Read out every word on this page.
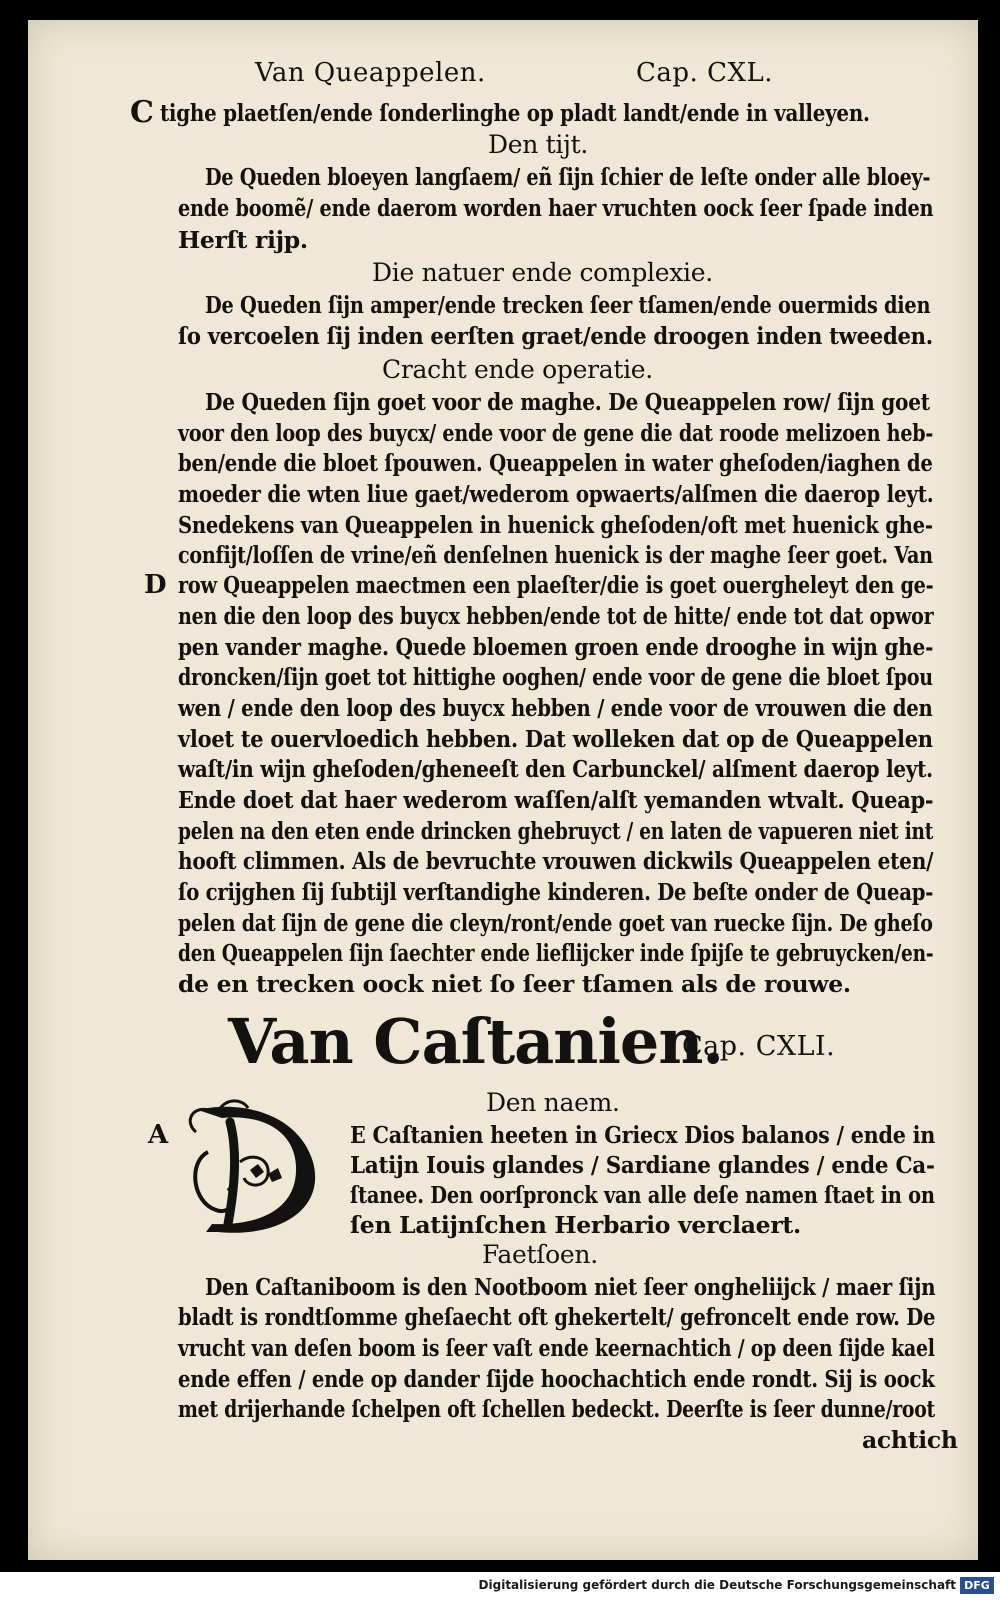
Van Queappelen.	Cap. CXL.
C tighe plaetſen/ende ſonderlinghe op pladt landt/ende in valleyen.
De Queden bloeyen langſaem/ eñ ſijn ſchier de leſte onder alle bloey-
ende boomẽ/ ende daerom worden haer vruchten oock ſeer ſpade inden
Herſt rijp.
De Queden ſijn amper/ende trecken ſeer tſamen/ende ouermids dien
ſo vercoelen ſij inden eerſten graet/ende droogen inden tweeden.
De Queden ſijn goet voor de maghe. De Queappelen row/ ſijn goet
voor den loop des buycx/ ende voor de gene die dat roode melizoen heb-
ben/ende die bloet ſpouwen. Queappelen in water gheſoden/iaghen de
moeder die wten liue gaet/wederom opwaerts/alſmen die daerop leyt.
Snedekens van Queappelen in huenick gheſoden/oft met huenick ghe-
confijt/loſſen de vrine/eñ denſelnen huenick is der maghe ſeer goet. Van
row Queappelen maectmen een plaeſter/die is goet ouergheleyt den ge-
nen die den loop des buycx hebben/ende tot de hitte/ ende tot dat opwor
pen vander maghe. Quede bloemen groen ende drooghe in wijn ghe-
droncken/ſijn goet tot hittighe ooghen/ ende voor de gene die bloet ſpou
wen / ende den loop des buycx hebben / ende voor de vrouwen die den
vloet te ouervloedich hebben. Dat wolleken dat op de Queappelen
waſt/in wijn gheſoden/gheneeſt den Carbunckel/ alſment daerop leyt.
Ende doet dat haer wederom waſſen/alſt yemanden wtvalt. Queap-
pelen na den eten ende drincken ghebruyct / en laten de vapueren niet int
hooft climmen. Als de bevruchte vrouwen dickwils Queappelen eten/
ſo crijghen ſij ſubtijl verſtandighe kinderen. De beſte onder de Queap-
pelen dat ſijn de gene die cleyn/ront/ende goet van ruecke ſijn. De gheſo
den Queappelen ſijn ſaechter ende lieflijcker inde ſpijſe te gebruycken/en-
de en trecken oock niet ſo ſeer tſamen als de rouwe.
Den tijt.
Die natuer ende complexie.
Cracht ende operatie.
D
A
Van Caſtanien.
Cap. CXLI.
Den naem.
E Caſtanien heeten in Griecx Dios balanos / ende in
Latijn Iouis glandes / Sardiane glandes / ende Ca-
ſtanee. Den oorſpronck van alle deſe namen ſtaet in on
ſen Latijnſchen Herbario verclaert.
Faetſoen.
Den Caſtaniboom is den Nootboom niet ſeer ongheliijck / maer ſijn
bladt is rondtſomme gheſaecht oft ghekertelt/ gefroncelt ende row. De
vrucht van deſen boom is ſeer vaſt ende keernachtich / op deen ſijde kael
ende effen / ende op dander ſijde hoochachtich ende rondt. Sij is oock
met drijerhande ſchelpen oft ſchellen bedeckt. Deerſte is ſeer dunne/root
achtich
Digitalisierung gefördert durch die Deutsche Forschungsgemeinschaft DFG
